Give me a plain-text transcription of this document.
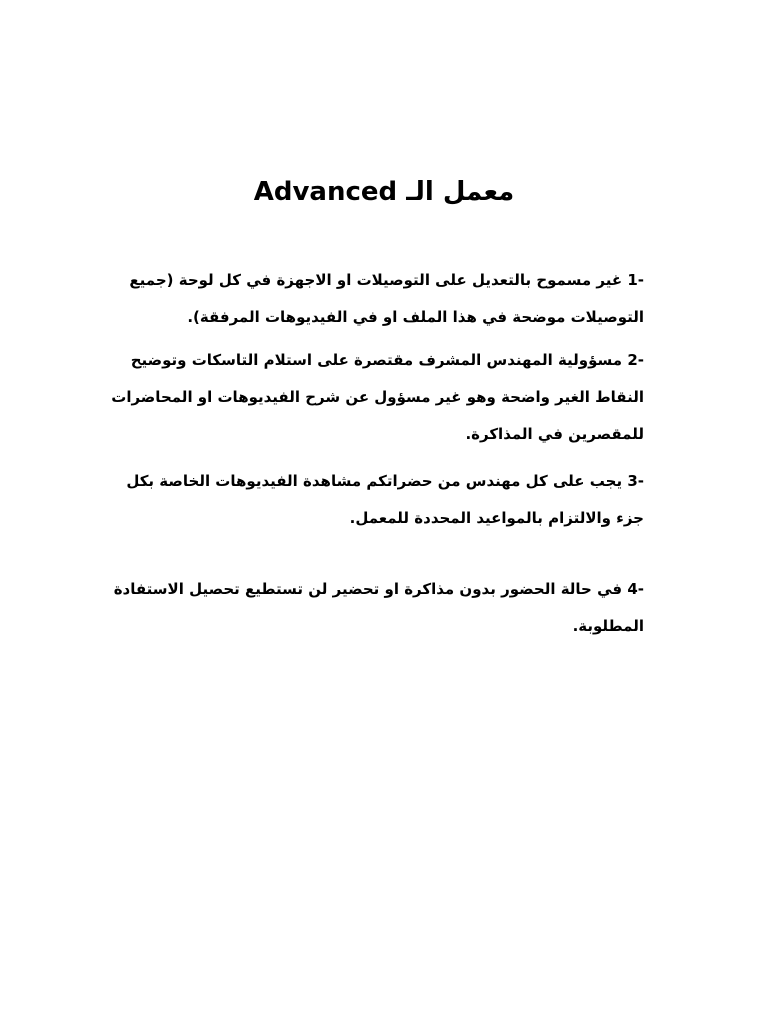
معمل الـ Advanced

1- غير مسموح بالتعديل على التوصيلات او الاجهزة في كل لوحة (جميع التوصيلات موضحة في هذا الملف او في الفيديوهات المرفقة).

2- مسؤولية المهندس المشرف مقتصرة على استلام التاسكات وتوضيح النقاط الغير واضحة وهو غير مسؤول عن شرح الفيديوهات او المحاضرات للمقصرين في المذاكرة.

3- يجب على كل مهندس من حضراتكم مشاهدة الفيديوهات الخاصة بكل جزء والالتزام بالمواعيد المحددة للمعمل.

4- في حالة الحضور بدون مذاكرة او تحضير لن تستطيع تحصيل الاستفادة المطلوبة.
